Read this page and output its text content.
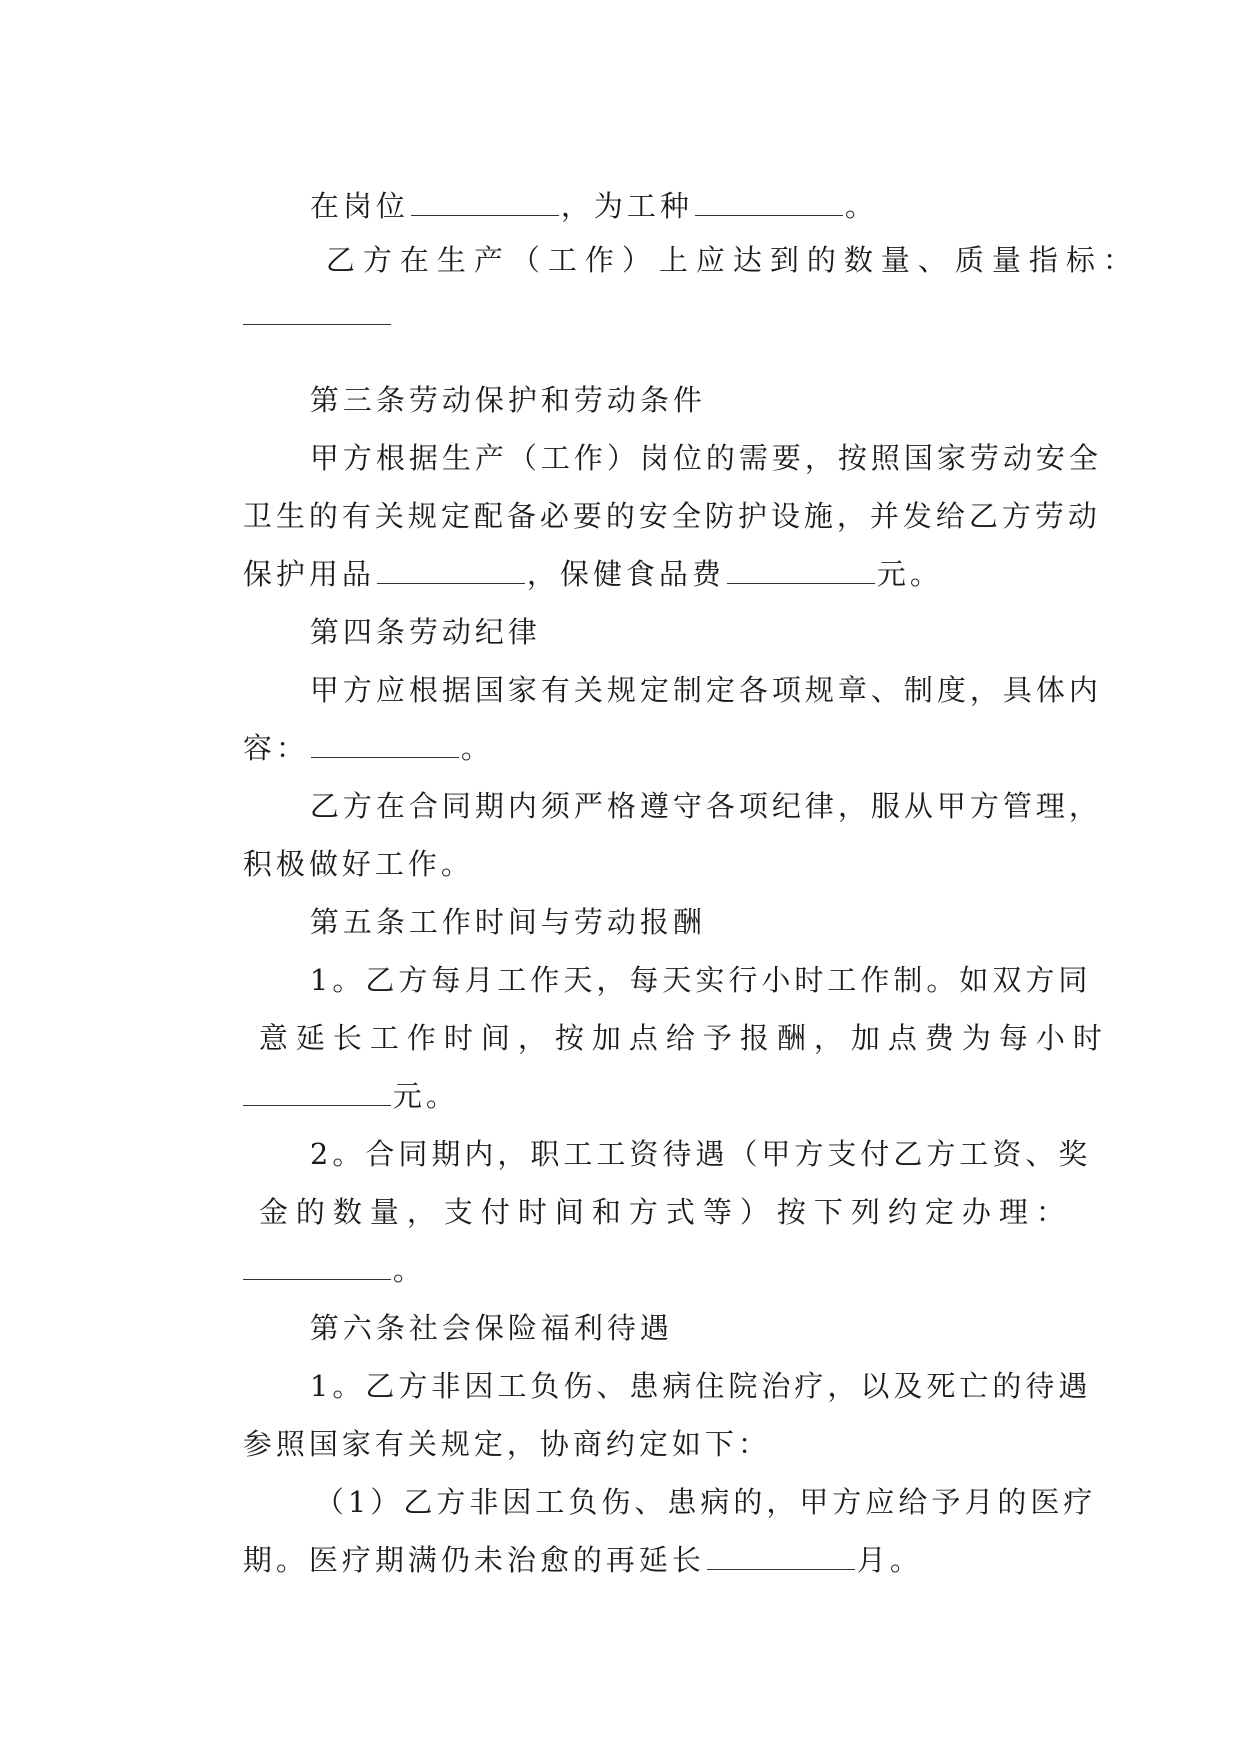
在岗位	，为工种	。

乙方在生产（工作）上应达到的数量、质量指标：

第三条劳动保护和劳动条件

甲方根据生产（工作）岗位的需要，按照国家劳动安全

卫生的有关规定配备必要的安全防护设施，并发给乙方劳动

保护用品	，保健食品费	元。

第四条劳动纪律

甲方应根据国家有关规定制定各项规章、制度，具体内

容：	。

乙方在合同期内须严格遵守各项纪律，服从甲方管理，

积极做好工作。

第五条工作时间与劳动报酬

1。乙方每月工作天，每天实行小时工作制。如双方同

意延长工作时间，按加点给予报酬，加点费为每小时

元。

2。合同期内，职工工资待遇（甲方支付乙方工资、奖

金的数量，支付时间和方式等）按下列约定办理：

。

第六条社会保险福利待遇

1。乙方非因工负伤、患病住院治疗，以及死亡的待遇

参照国家有关规定，协商约定如下：

（1）乙方非因工负伤、患病的，甲方应给予月的医疗

期。医疗期满仍未治愈的再延长	月。
